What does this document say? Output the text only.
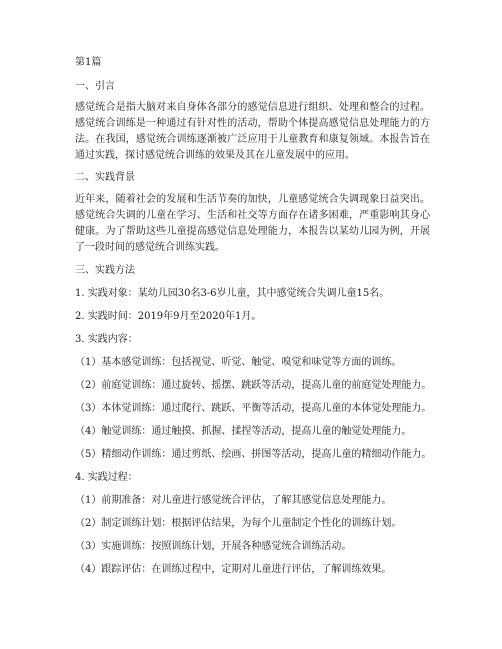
第1篇
一、引言
感觉统合是指大脑对来自身体各部分的感觉信息进行组织、处理和整合的过程。感觉统合训练是一种通过有针对性的活动，帮助个体提高感觉信息处理能力的方法。在我国，感觉统合训练逐渐被广泛应用于儿童教育和康复领域。本报告旨在通过实践，探讨感觉统合训练的效果及其在儿童发展中的应用。
二、实践背景
近年来，随着社会的发展和生活节奏的加快，儿童感觉统合失调现象日益突出。感觉统合失调的儿童在学习、生活和社交等方面存在诸多困难，严重影响其身心健康。为了帮助这些儿童提高感觉信息处理能力，本报告以某幼儿园为例，开展了一段时间的感觉统合训练实践。
三、实践方法
1. 实践对象：某幼儿园30名3-6岁儿童，其中感觉统合失调儿童15名。
2. 实践时间：2019年9月至2020年1月。
3. 实践内容：
（1）基本感觉训练：包括视觉、听觉、触觉、嗅觉和味觉等方面的训练。
（2）前庭觉训练：通过旋转、摇摆、跳跃等活动，提高儿童的前庭觉处理能力。
（3）本体觉训练：通过爬行、跳跃、平衡等活动，提高儿童的本体觉处理能力。
（4）触觉训练：通过触摸、抓握、揉捏等活动，提高儿童的触觉处理能力。
（5）精细动作训练：通过剪纸、绘画、拼图等活动，提高儿童的精细动作能力。
4. 实践过程：
（1）前期准备：对儿童进行感觉统合评估，了解其感觉信息处理能力。
（2）制定训练计划：根据评估结果，为每个儿童制定个性化的训练计划。
（3）实施训练：按照训练计划，开展各种感觉统合训练活动。
（4）跟踪评估：在训练过程中，定期对儿童进行评估，了解训练效果。
